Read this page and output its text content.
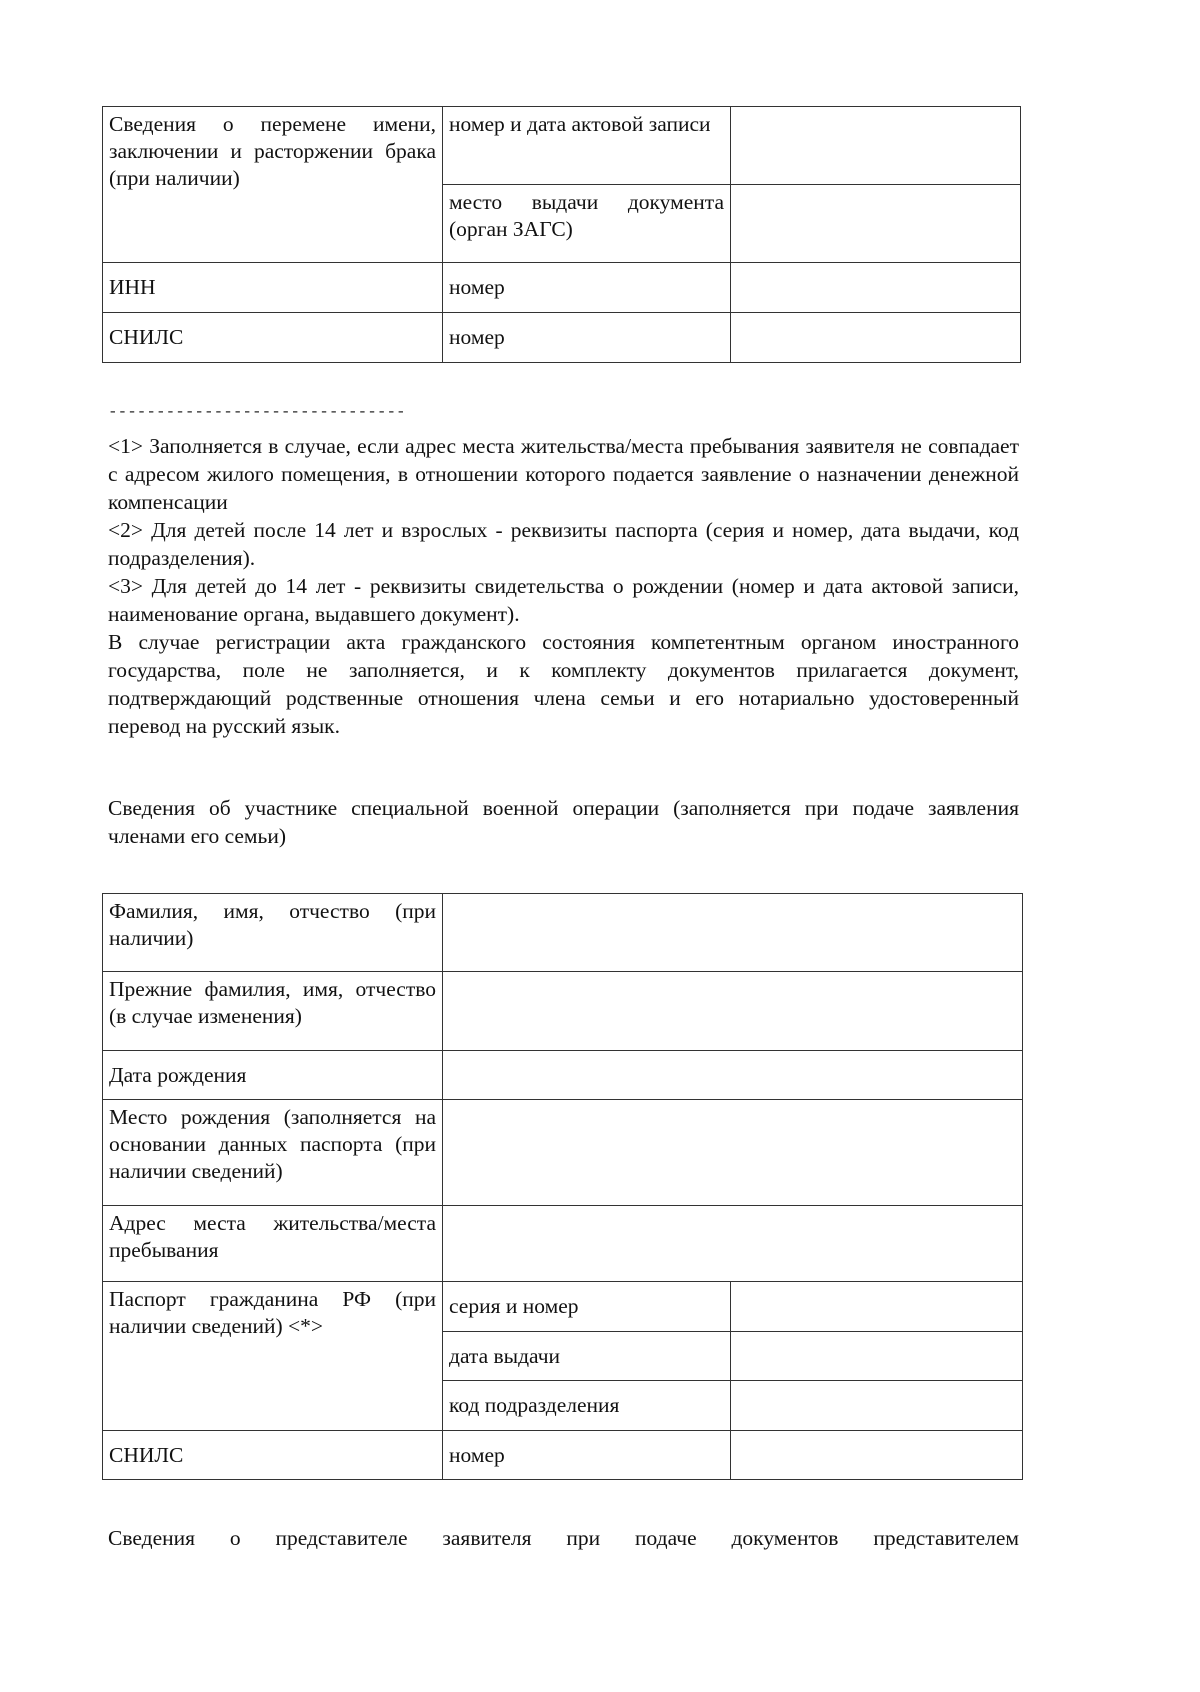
Сведения о перемене имени, заключении и расторжении брака (при наличии)	номер и дата актовой записи	
	место выдачи документа (орган ЗАГС)	
ИНН	номер	
СНИЛС	номер	
-------------------------------

<1> Заполняется в случае, если адрес места жительства/места пребывания заявителя не совпадает с адресом жилого помещения, в отношении которого подается заявление о назначении денежной компенсации

<2> Для детей после 14 лет и взрослых - реквизиты паспорта (серия и номер, дата выдачи, код подразделения).

<3> Для детей до 14 лет - реквизиты свидетельства о рождении (номер и дата актовой записи, наименование органа, выдавшего документ).

В случае регистрации акта гражданского состояния компетентным органом иностранного государства, поле не заполняется, и к комплекту документов прилагается документ, подтверждающий родственные отношения члена семьи и его нотариально удостоверенный перевод на русский язык.

Сведения об участнике специальной военной операции (заполняется при подаче заявления членами его семьи)
Фамилия, имя, отчество (при наличии)		
Прежние фамилия, имя, отчество (в случае изменения)		
Дата рождения		
Место рождения (заполняется на основании данных паспорта (при наличии сведений)		
Адрес места жительства/места пребывания		
Паспорт гражданина РФ (при наличии сведений) <*>	серия и номер	
	дата выдачи	
	код подразделения	
СНИЛС	номер	
Сведения о представителе заявителя при подаче документов представителем
